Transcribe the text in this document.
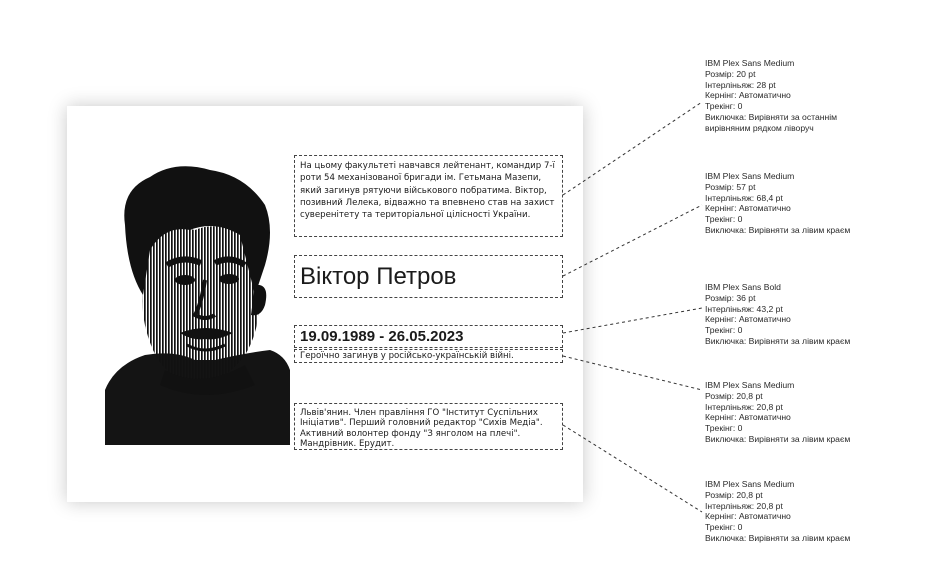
На цьому факультеті навчався лейтенант, командир 7-ї роти 54 механізованої бригади ім. Гетьмана Мазепи, який загинув рятуючи військового побратима. Віктор, позивний Лелека, відважно та впевнено став на захист суверенітету та територіальної цілісності України.
Віктор Петров
19.09.1989 - 26.05.2023
Героїчно загинув у російсько-українській війні.
Львів'янин. Член правління ГО "Інститут Суспільних Ініціатив". Перший головний редактор "Сихів Медіа". Активний волонтер фонду "З янголом на плечі". Мандрівник. Ерудит.
IBM Plex Sans Medium
Розмір: 20 pt
Інтерліньяж: 28 pt
Кернінг: Автоматично
Трекінг: 0
Виключка: Вирівняти за останнім
вирівняним рядком ліворуч
IBM Plex Sans Medium
Розмір: 57 pt
Інтерліньяж: 68,4 pt
Кернінг: Автоматично
Трекінг: 0
Виключка: Вирівняти за лівим краєм
IBM Plex Sans Bold
Розмір: 36 pt
Інтерліньяж: 43,2 pt
Кернінг: Автоматично
Трекінг: 0
Виключка: Вирівняти за лівим краєм
IBM Plex Sans Medium
Розмір: 20,8 pt
Інтерліньяж: 20,8 pt
Кернінг: Автоматично
Трекінг: 0
Виключка: Вирівняти за лівим краєм
IBM Plex Sans Medium
Розмір: 20,8 pt
Інтерліньяж: 20,8 pt
Кернінг: Автоматично
Трекінг: 0
Виключка: Вирівняти за лівим краєм
